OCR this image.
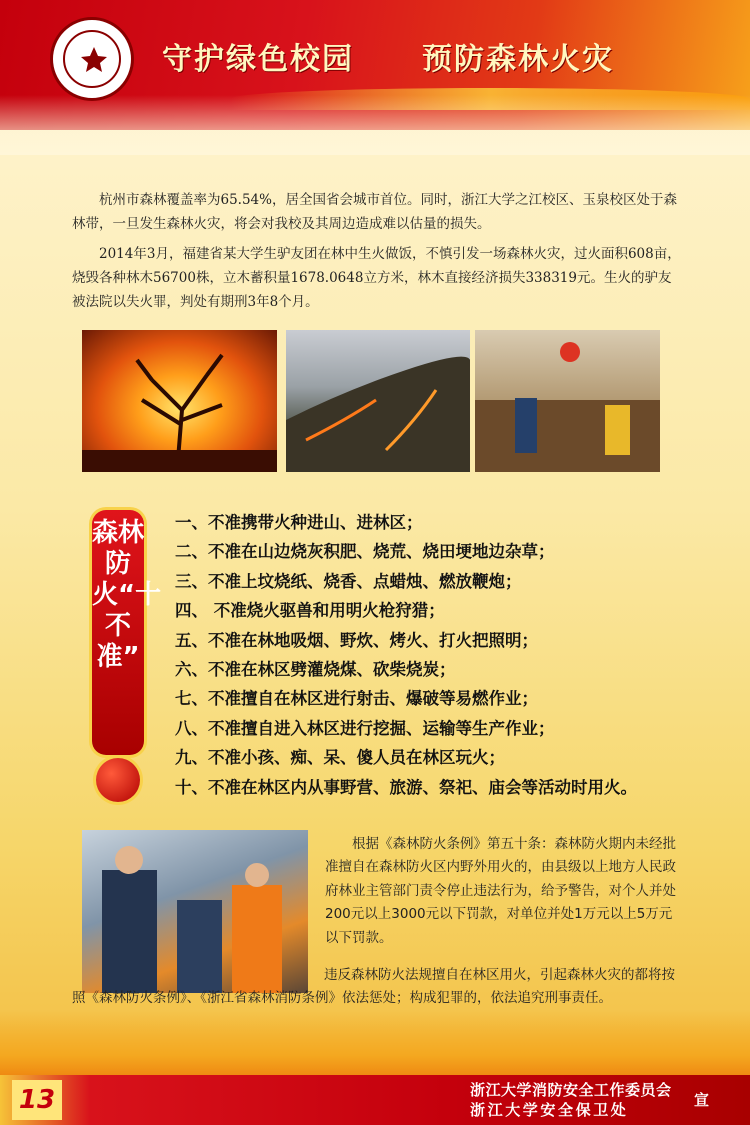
守护绿色校园 预防森林火灾

杭州市森林覆盖率为65.54%，居全国省会城市首位。同时，浙江大学之江校区、玉泉校区处于森林带，一旦发生森林火灾，将会对我校及其周边造成难以估量的损失。

2014年3月，福建省某大学生驴友团在林中生火做饭，不慎引发一场森林火灾，过火面积608亩，烧毁各种林木56700株，立木蓄积量1678.0648立方米，林木直接经济损失338319元。生火的驴友被法院以失火罪，判处有期刑3年8个月。

森林防火“十不准”
一、不准携带火种进山、进林区；
二、不准在山边烧灰积肥、烧荒、烧田埂地边杂草；
三、不准上坟烧纸、烧香、点蜡烛、燃放鞭炮；
四、 不准烧火驱兽和用明火枪狩猎；
五、不准在林地吸烟、野炊、烤火、打火把照明；
六、不准在林区劈灌烧煤、砍柴烧炭；
七、不准擅自在林区进行射击、爆破等易燃作业；
八、不准擅自进入林区进行挖掘、运输等生产作业；
九、不准小孩、痴、呆、傻人员在林区玩火；
十、不准在林区内从事野营、旅游、祭祀、庙会等活动时用火。

根据《森林防火条例》第五十条：森林防火期内未经批准擅自在森林防火区内野外用火的，由县级以上地方人民政府林业主管部门责令停止违法行为，给予警告，对个人并处200元以上3000元以下罚款，对单位并处1万元以上5万元以下罚款。

违反森林防火法规擅自在林区用火，引起森林火灾的都将按照《森林防火条例》、《浙江省森林消防条例》依法惩处；构成犯罪的，依法追究刑事责任。

13	浙江大学消防安全工作委员会
浙江大学安全保卫处
宣
